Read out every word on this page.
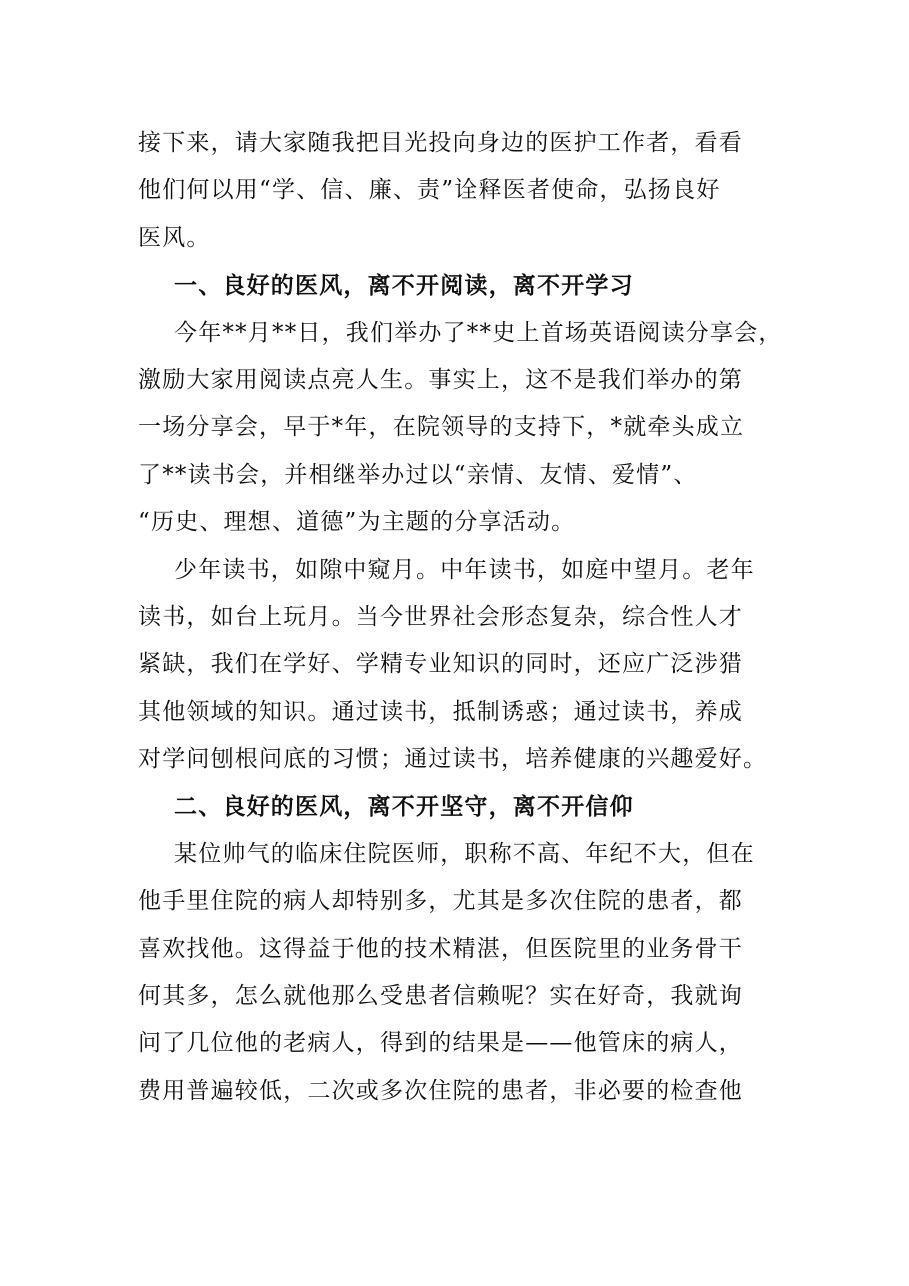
接下来，请大家随我把目光投向身边的医护工作者，看看
他们何以用“学、信、廉、责”诠释医者使命，弘扬良好
医风。
一、良好的医风，离不开阅读，离不开学习
今年**月**日，我们举办了**史上首场英语阅读分享会，
激励大家用阅读点亮人生。事实上，这不是我们举办的第
一场分享会，早于*年，在院领导的支持下，*就牵头成立
了**读书会，并相继举办过以“亲情、友情、爱情”、
“历史、理想、道德”为主题的分享活动。
少年读书，如隙中窥月。中年读书，如庭中望月。老年
读书，如台上玩月。当今世界社会形态复杂，综合性人才
紧缺，我们在学好、学精专业知识的同时，还应广泛涉猎
其他领域的知识。通过读书，抵制诱惑；通过读书，养成
对学问刨根问底的习惯；通过读书，培养健康的兴趣爱好。
二、良好的医风，离不开坚守，离不开信仰
某位帅气的临床住院医师，职称不高、年纪不大，但在
他手里住院的病人却特别多，尤其是多次住院的患者，都
喜欢找他。这得益于他的技术精湛，但医院里的业务骨干
何其多，怎么就他那么受患者信赖呢？实在好奇，我就询
问了几位他的老病人，得到的结果是——他管床的病人，
费用普遍较低，二次或多次住院的患者，非必要的检查他
